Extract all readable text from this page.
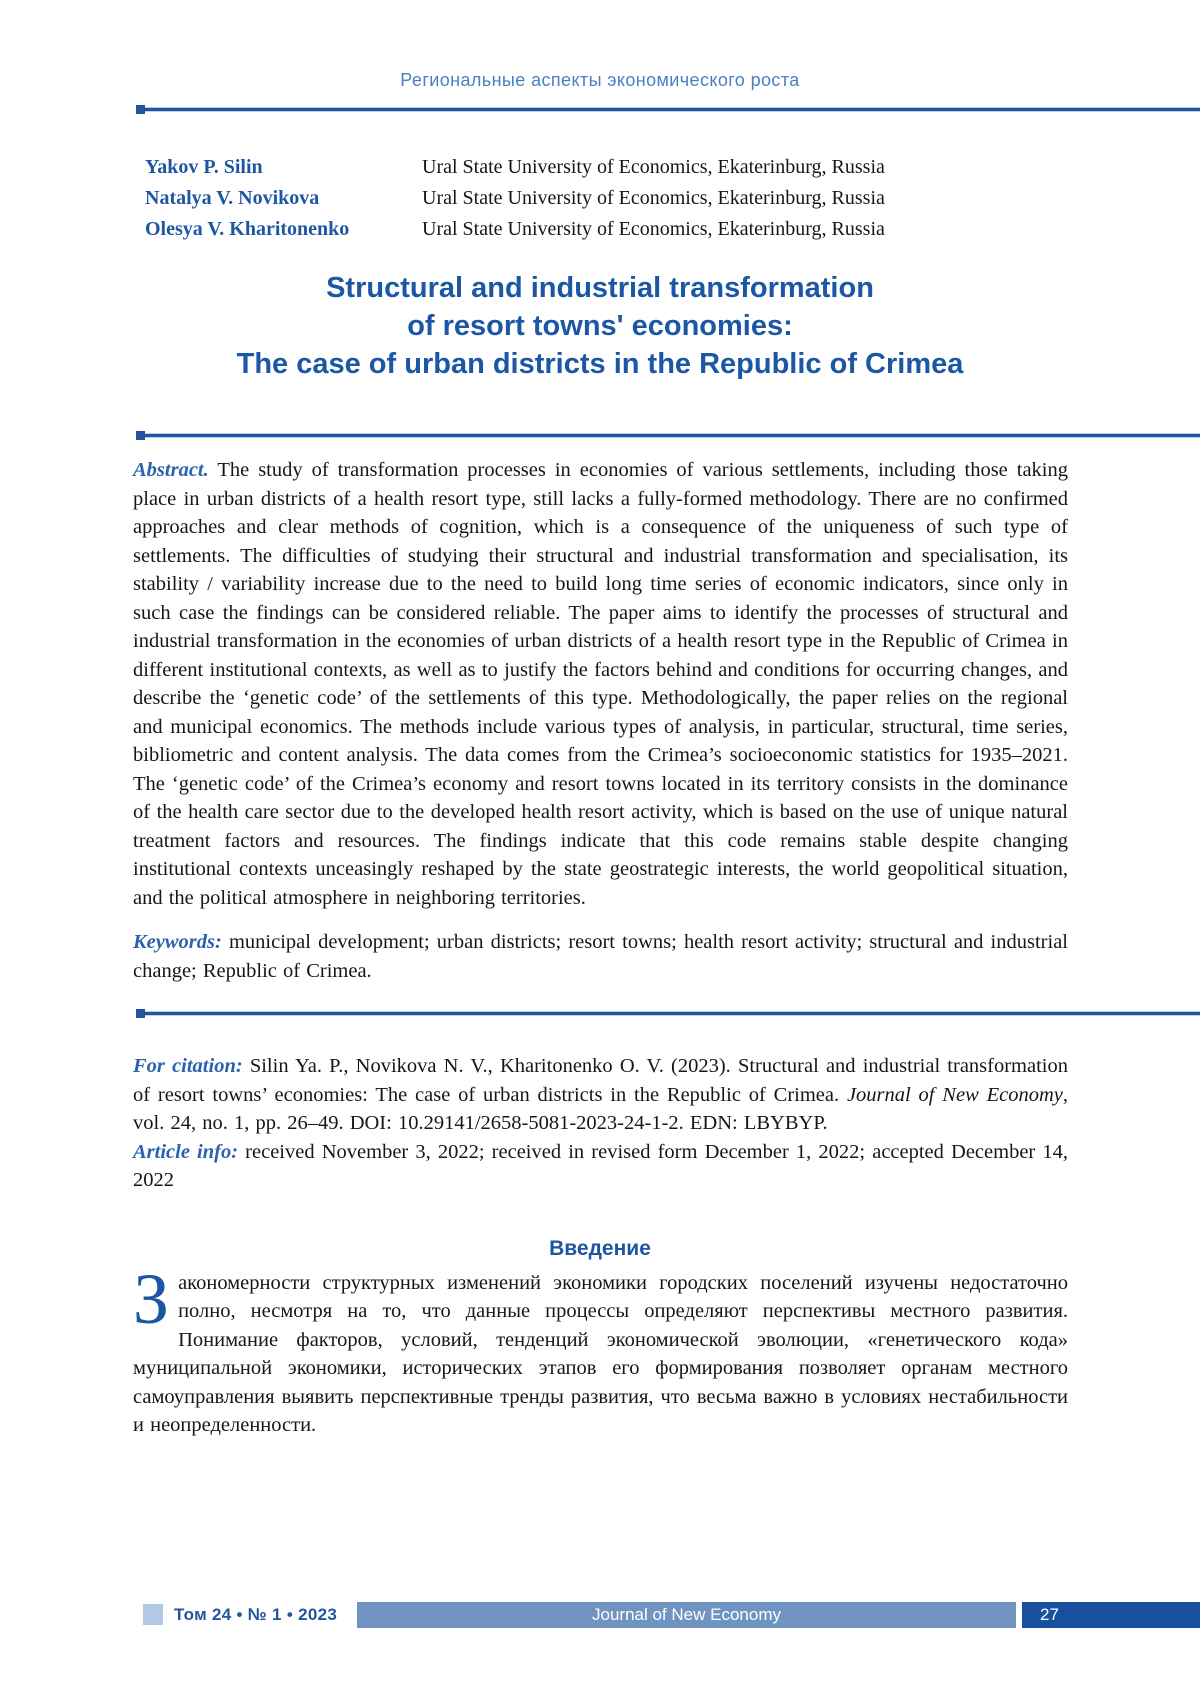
Региональные аспекты экономического роста
Yakov P. Silin	Ural State University of Economics, Ekaterinburg, Russia
Natalya V. Novikova	Ural State University of Economics, Ekaterinburg, Russia
Olesya V. Kharitonenko	Ural State University of Economics, Ekaterinburg, Russia
Structural and industrial transformation
of resort towns' economies:
The case of urban districts in the Republic of Crimea

Abstract. The study of transformation processes in economies of various settlements, including those taking place in urban districts of a health resort type, still lacks a fully-formed methodology. There are no confirmed approaches and clear methods of cognition, which is a consequence of the uniqueness of such type of settlements. The difficulties of studying their structural and industrial transformation and specialisation, its stability / variability increase due to the need to build long time series of economic indicators, since only in such case the findings can be considered reliable. The paper aims to identify the processes of structural and industrial transformation in the economies of urban districts of a health resort type in the Republic of Crimea in different institutional contexts, as well as to justify the factors behind and conditions for occurring changes, and describe the ‘genetic code’ of the settlements of this type. Methodologically, the paper relies on the regional and municipal economics. The methods include various types of analysis, in particular, structural, time series, bibliometric and content analysis. The data comes from the Crimea’s socioeconomic statistics for 1935–2021. The ‘genetic code’ of the Crimea’s economy and resort towns located in its territory consists in the dominance of the health care sector due to the developed health resort activity, which is based on the use of unique natural treatment factors and resources. The findings indicate that this code remains stable despite changing institutional contexts unceasingly reshaped by the state geostrategic interests, the world geopolitical situation, and the political atmosphere in neighboring territories.

Keywords: municipal development; urban districts; resort towns; health resort activity; structural and industrial change; Republic of Crimea.

For citation: Silin Ya. P., Novikova N. V., Kharitonenko O. V. (2023). Structural and industrial transformation of resort towns’ economies: The case of urban districts in the Republic of Crimea. Journal of New Economy, vol. 24, no. 1, pp. 26–49. DOI: 10.29141/2658-5081-2023-24-1-2. EDN: LBYBYP.

Article info: received November 3, 2022; received in revised form December 1, 2022; accepted December 14, 2022

Введение

Закономерности структурных изменений экономики городских поселений изучены недостаточно полно, несмотря на то, что данные процессы определяют перспективы местного развития. Понимание факторов, условий, тенденций экономической эволюции, «генетического кода» муниципальной экономики, исторических этапов его формирования позволяет органам местного самоуправления выявить перспективные тренды развития, что весьма важно в условиях нестабильности и неопределенности.

Том 24 • № 1 • 2023	Journal of New Economy	27
